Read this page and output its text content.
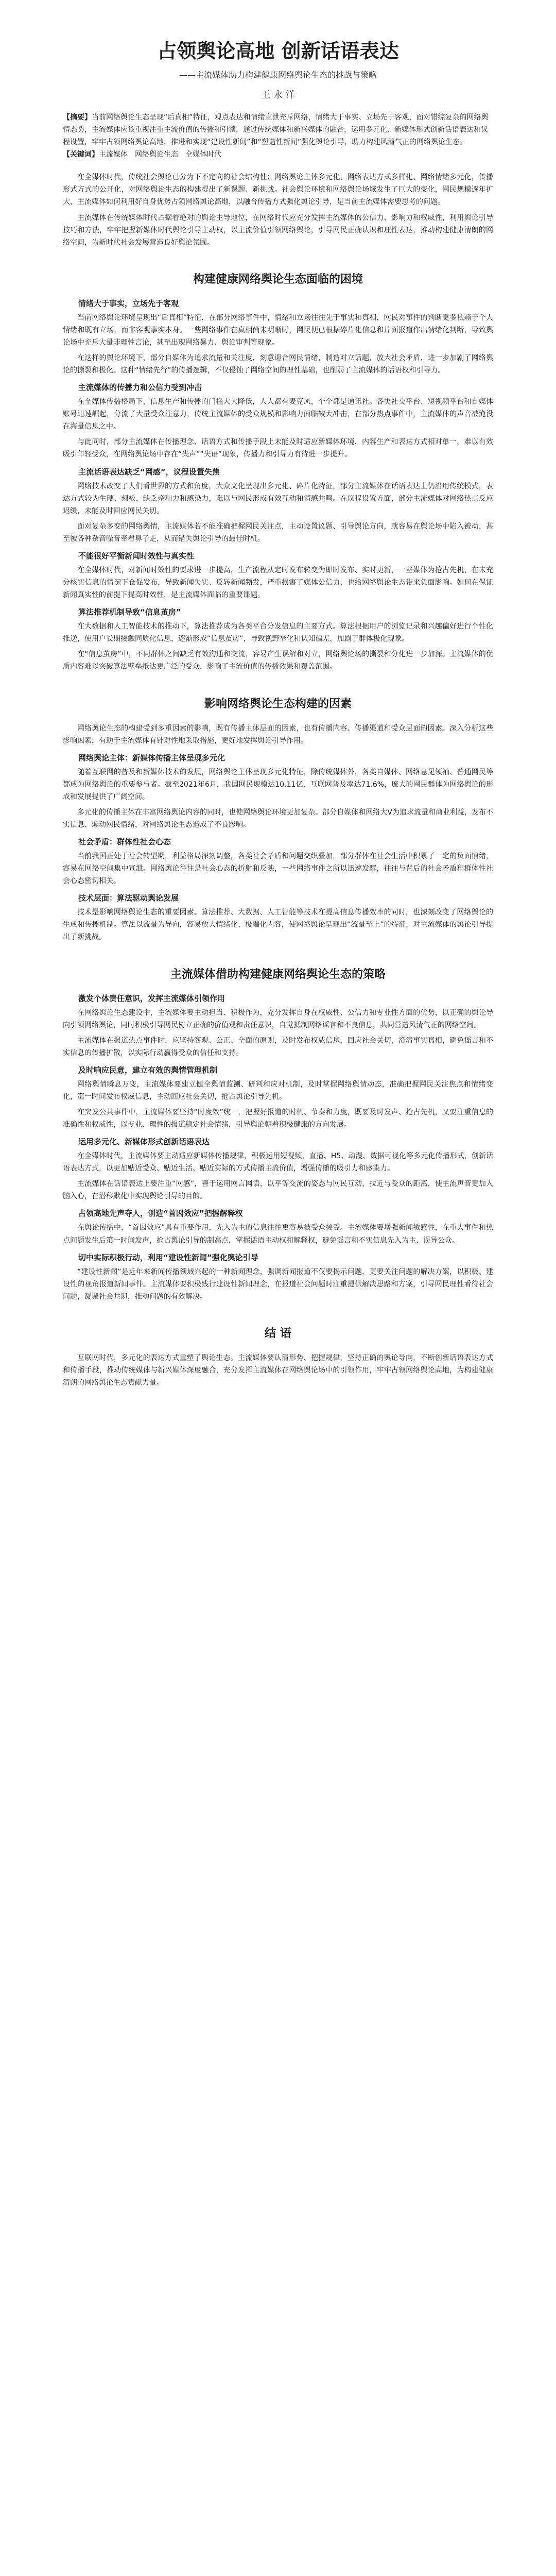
占领舆论高地 创新话语表达
——主流媒体助力构建健康网络舆论生态的挑战与策略
王 永 洋

【摘要】当前网络舆论生态呈现“后真相”特征，观点表达和情绪宣泄充斥网络，情绪大于事实、立场先于客观，面对错综复杂的网络舆情态势，主流媒体应该重视注重主流价值的传播和引领，通过传统媒体和新兴媒体的融合，运用多元化、新媒体形式创新话语表达和议程设置，牢牢占领网络舆论高地，推进和实现“建设性新闻”和“塑造性新闻”强化舆论引导，助力构建风清气正的网络舆论生态。

【关键词】主流媒体　网络舆论生态　全媒体时代

在全媒体时代，传统社会舆论已分为下不定向的社会结构性；网络舆论主体多元化、网络表达方式多样化、网络情绪多元化，传播形式方式的公开化，对网络舆论生态的构建提出了新课题、新挑战。社会舆论环境和网络舆论场域发生了巨大的变化，网民规模逐年扩大，主流媒体如何利用好自身优势占领网络舆论高地，以融合传播方式强化舆论引导，是当前主流媒体需要思考的问题。

主流媒体在传统媒体时代占据着绝对的舆论主导地位，在网络时代应充分发挥主流媒体的公信力、影响力和权威性，利用舆论引导技巧和方法，牢牢把握新媒体时代舆论引导主动权，以主流价值引领网络舆论，引导网民正确认识和理性表达，推动构建健康清朗的网络空间，为新时代社会发展营造良好舆论氛围。

构建健康网络舆论生态面临的困境
情绪大于事实，立场先于客观

当前网络舆论环境呈现出“后真相”特征，在部分网络事件中，情绪和立场往往先于事实和真相，网民对事件的判断更多依赖于个人情绪和既有立场，而非客观事实本身。一些网络事件在真相尚未明晰时，网民便已根据碎片化信息和片面报道作出情绪化判断，导致舆论场中充斥大量非理性言论，甚至出现网络暴力、舆论审判等现象。

在这样的舆论环境下，部分自媒体为追求流量和关注度，刻意迎合网民情绪，制造对立话题，放大社会矛盾，进一步加剧了网络舆论的撕裂和极化。这种“情绪先行”的传播逻辑，不仅侵蚀了网络空间的理性基础，也削弱了主流媒体的话语权和引导力。

主流媒体的传播力和公信力受到冲击

在全媒体传播格局下，信息生产和传播的门槛大大降低，人人都有麦克风，个个都是通讯社。各类社交平台、短视频平台和自媒体账号迅速崛起，分流了大量受众注意力，传统主流媒体的受众规模和影响力面临较大冲击，在部分热点事件中，主流媒体的声音被淹没在海量信息之中。

与此同时，部分主流媒体在传播理念、话语方式和传播手段上未能及时适应新媒体环境，内容生产和表达方式相对单一，难以有效吸引年轻受众，在网络舆论场中存在“失声”“失语”现象，传播力和引导力有待进一步提升。

主流话语表达缺乏“网感”，议程设置失焦

网络技术改变了人们看世界的方式和角度，大众文化呈现出多元化、碎片化特征，部分主流媒体在话语表达上仍沿用传统模式，表达方式较为生硬、刻板，缺乏亲和力和感染力，难以与网民形成有效互动和情感共鸣。在议程设置方面，部分主流媒体对网络热点反应迟缓，未能及时回应网民关切。

面对复杂多变的网络舆情，主流媒体若不能准确把握网民关注点，主动设置议题、引导舆论方向，就容易在舆论场中陷入被动，甚至被各种杂音噪音牵着鼻子走，从而错失舆论引导的最佳时机。

不能很好平衡新闻时效性与真实性

在全媒体时代，对新闻时效性的要求进一步提高，生产流程从定时发布转变为即时发布、实时更新，一些媒体为抢占先机，在未充分核实信息的情况下仓促发布，导致新闻失实、反转新闻频发，严重损害了媒体公信力，也给网络舆论生态带来负面影响。如何在保证新闻真实性的前提下提高时效性，是主流媒体面临的重要课题。

算法推荐机制导致“信息茧房”

在大数据和人工智能技术的推动下，算法推荐成为各类平台分发信息的主要方式。算法根据用户的浏览记录和兴趣偏好进行个性化推送，使用户长期接触同质化信息，逐渐形成“信息茧房”，导致视野窄化和认知偏差，加剧了群体极化现象。

在“信息茧房”中，不同群体之间缺乏有效沟通和交流，容易产生误解和对立，网络舆论场的撕裂和分化进一步加深。主流媒体的优质内容难以突破算法壁垒抵达更广泛的受众，影响了主流价值的传播效果和覆盖范围。

影响网络舆论生态构建的因素

网络舆论生态的构建受到多重因素的影响，既有传播主体层面的因素，也有传播内容、传播渠道和受众层面的因素。深入分析这些影响因素，有助于主流媒体有针对性地采取措施，更好地发挥舆论引导作用。

网络舆论主体：新媒体传播主体呈现多元化

随着互联网的普及和新媒体技术的发展，网络舆论主体呈现多元化特征，除传统媒体外，各类自媒体、网络意见领袖、普通网民等都成为网络舆论的重要参与者。截至2021年6月，我国网民规模达10.11亿，互联网普及率达71.6%，庞大的网民群体为网络舆论的形成和发展提供了广阔空间。

多元化的传播主体在丰富网络舆论内容的同时，也使网络舆论环境更加复杂。部分自媒体和网络大V为追求流量和商业利益，发布不实信息、煽动网民情绪，对网络舆论生态造成了不良影响。

社会矛盾：群体性社会心态

当前我国正处于社会转型期，利益格局深刻调整，各类社会矛盾和问题交织叠加，部分群体在社会生活中积累了一定的负面情绪，容易在网络空间集中宣泄。网络舆论往往是社会心态的折射和反映，一些网络事件之所以迅速发酵，往往与背后的社会矛盾和群体性社会心态密切相关。

技术层面：算法驱动舆论发展

技术是影响网络舆论生态的重要因素。算法推荐、大数据、人工智能等技术在提高信息传播效率的同时，也深刻改变了网络舆论的生成和传播机制。算法以流量为导向，容易放大情绪化、极端化内容，使网络舆论呈现出“流量至上”的特征，对主流媒体的舆论引导提出了新挑战。

主流媒体借助构建健康网络舆论生态的策略
激发个体责任意识，发挥主流媒体引领作用

在网络舆论生态建设中，主流媒体要主动担当、积极作为，充分发挥自身在权威性、公信力和专业性方面的优势，以正确的舆论导向引领网络舆论，同时积极引导网民树立正确的价值观和责任意识，自觉抵制网络谣言和不良信息，共同营造风清气正的网络空间。

主流媒体在报道热点事件时，应坚持客观、公正、全面的原则，及时发布权威信息，回应社会关切，澄清事实真相，避免谣言和不实信息的传播扩散，以实际行动赢得受众的信任和支持。

及时响应民意，建立有效的舆情管理机制

网络舆情瞬息万变，主流媒体要建立健全舆情监测、研判和应对机制，及时掌握网络舆情动态，准确把握网民关注焦点和情绪变化，第一时间发布权威信息，主动回应社会关切，抢占舆论引导先机。

在突发公共事件中，主流媒体要坚持“时度效”统一，把握好报道的时机、节奏和力度，既要及时发声、抢占先机，又要注重信息的准确性和权威性，以专业、理性的报道稳定社会情绪，引导舆论朝着积极健康的方向发展。

运用多元化、新媒体形式创新话语表达

在全媒体时代，主流媒体要主动适应新媒体传播规律，积极运用短视频、直播、H5、动漫、数据可视化等多元化传播形式，创新话语表达方式，以更加贴近受众、贴近生活、贴近实际的方式传播主流价值，增强传播的吸引力和感染力。

主流媒体在话语表达上要注重“网感”，善于运用网言网语，以平等交流的姿态与网民互动，拉近与受众的距离，使主流声音更加入脑入心，在潜移默化中实现舆论引导的目的。

占领高地先声夺人，创造“首因效应”把握解释权

在舆论传播中，“首因效应”具有重要作用，先入为主的信息往往更容易被受众接受。主流媒体要增强新闻敏感性，在重大事件和热点问题发生后第一时间发声，抢占舆论引导的制高点，掌握话语主动权和解释权，避免谣言和不实信息先入为主、误导公众。

切中实际积极行动，利用“建设性新闻”强化舆论引导

“建设性新闻”是近年来新闻传播领域兴起的一种新闻理念，强调新闻报道不仅要揭示问题，更要关注问题的解决方案，以积极、建设性的视角报道新闻事件。主流媒体要积极践行建设性新闻理念，在报道社会问题时注重提供解决思路和方案，引导网民理性看待社会问题，凝聚社会共识，推动问题的有效解决。

结 语

互联网时代，多元化的表达方式重塑了舆论生态。主流媒体要认清形势、把握规律，坚持正确的舆论导向，不断创新话语表达方式和传播手段，推动传统媒体与新兴媒体深度融合，充分发挥主流媒体在网络舆论场中的引领作用，牢牢占领网络舆论高地，为构建健康清朗的网络舆论生态贡献力量。
